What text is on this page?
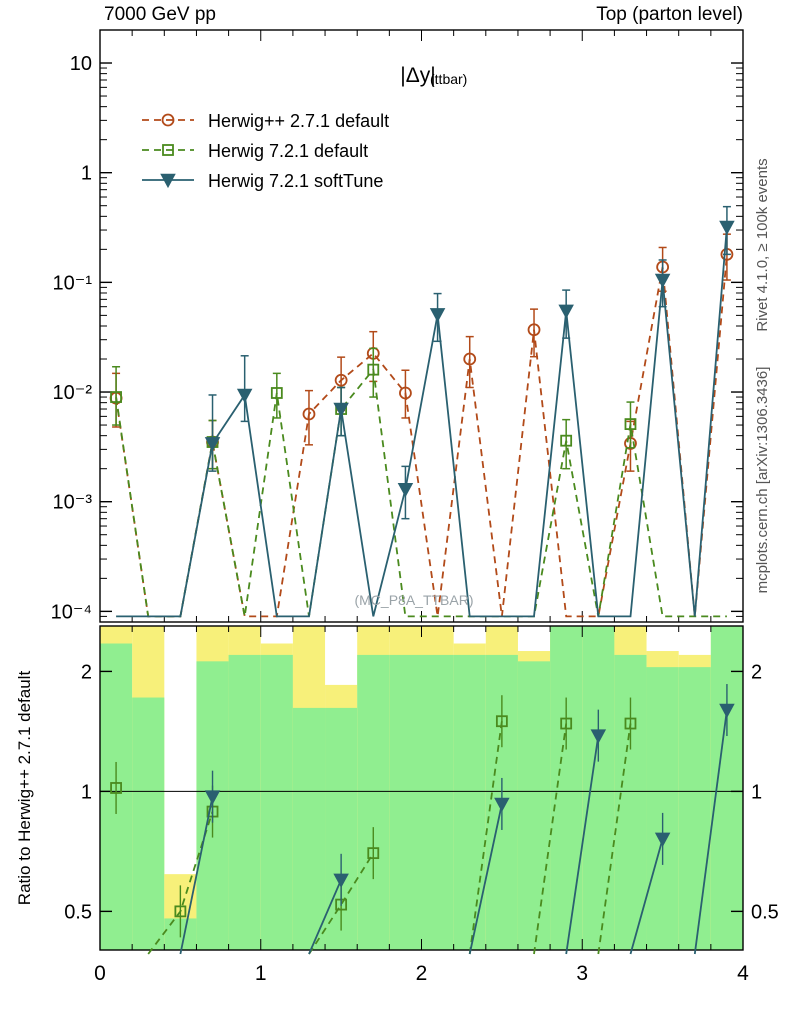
10⁻⁴
10⁻³
10⁻²
10⁻¹
1
10
0.5	0.5
1	1
2	2
0	1	2	3	4
7000 GeV pp	Top (parton level)
|Δy|
(ttbar)
(MC_P8A_TTBAR)
Rivet 4.1.0, ≥ 100k events
mcplots.cern.ch [arXiv:1306.3436]
Ratio to Herwig++ 2.7.1 default
Herwig++ 2.7.1 default
Herwig 7.2.1 default
Herwig 7.2.1 softTune
